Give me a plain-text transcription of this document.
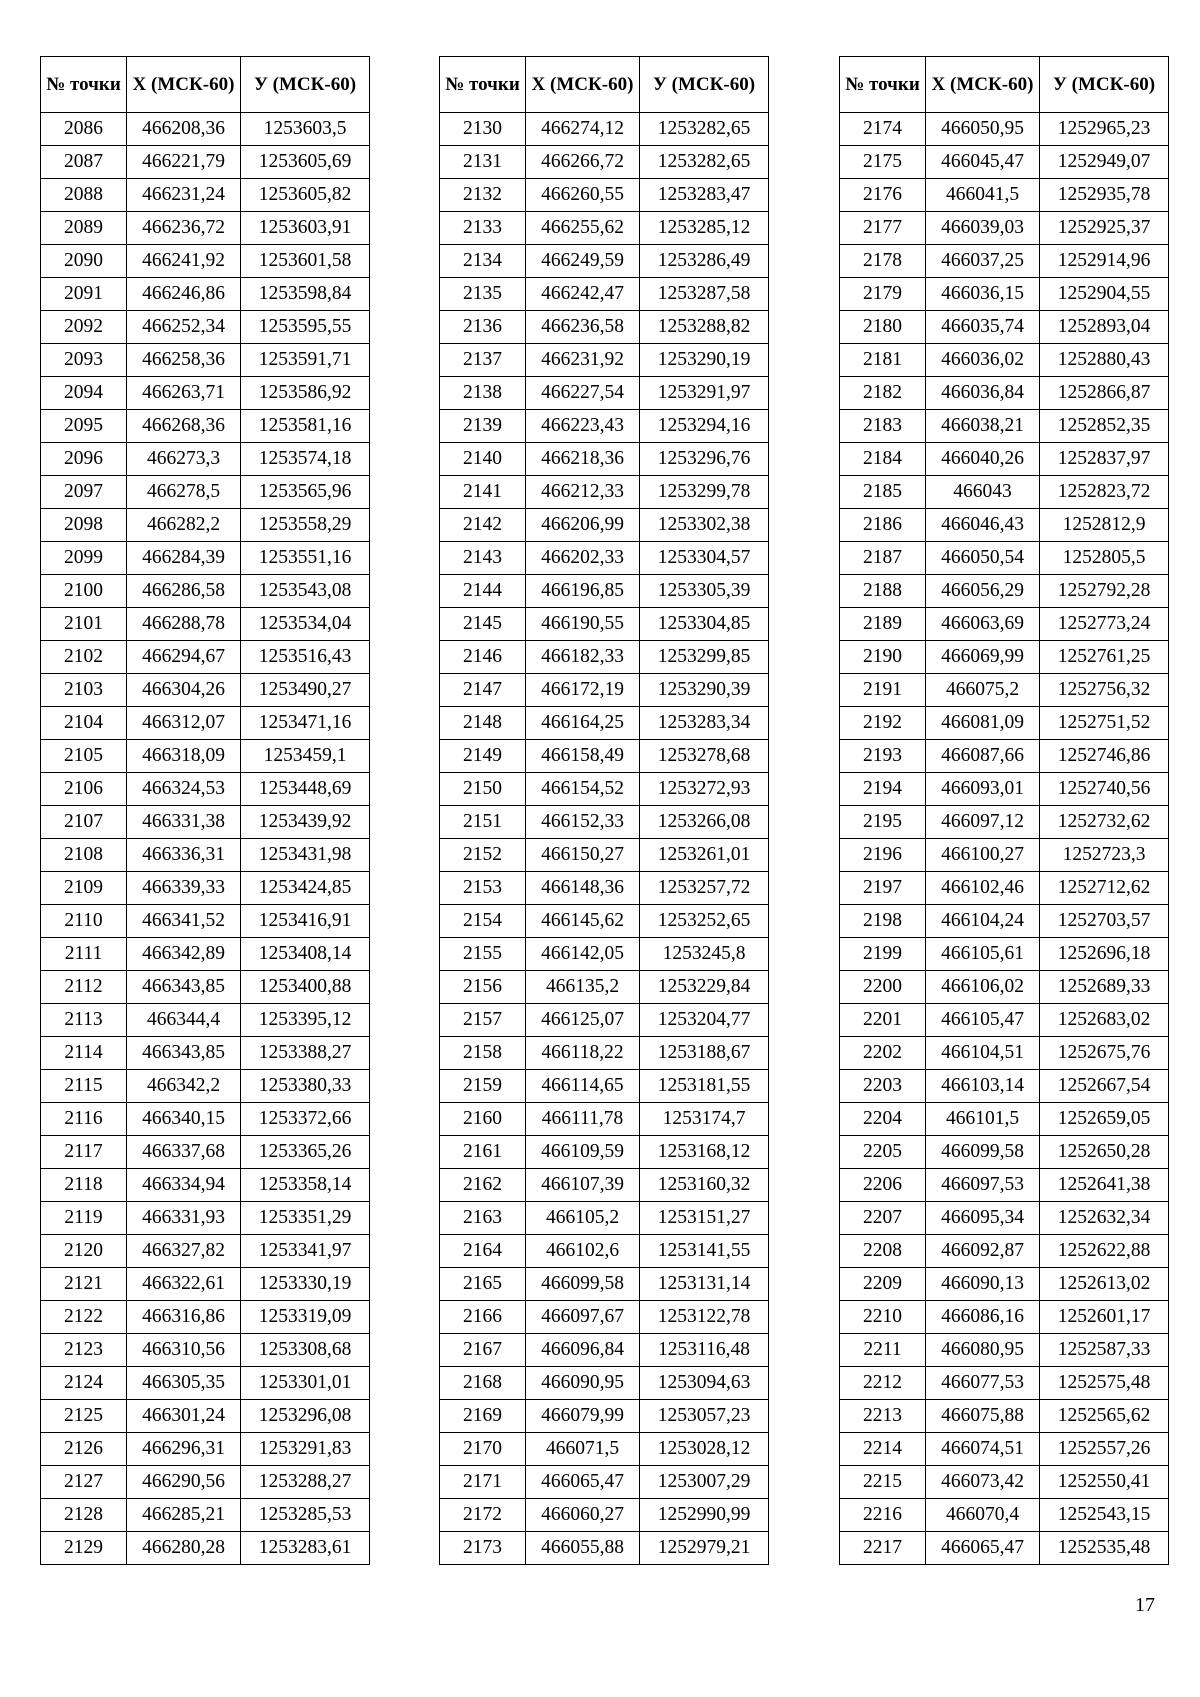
№ точки	X (МСК-60)	У (МСК-60)
2086	466208,36	1253603,5
2087	466221,79	1253605,69
2088	466231,24	1253605,82
2089	466236,72	1253603,91
2090	466241,92	1253601,58
2091	466246,86	1253598,84
2092	466252,34	1253595,55
2093	466258,36	1253591,71
2094	466263,71	1253586,92
2095	466268,36	1253581,16
2096	466273,3	1253574,18
2097	466278,5	1253565,96
2098	466282,2	1253558,29
2099	466284,39	1253551,16
2100	466286,58	1253543,08
2101	466288,78	1253534,04
2102	466294,67	1253516,43
2103	466304,26	1253490,27
2104	466312,07	1253471,16
2105	466318,09	1253459,1
2106	466324,53	1253448,69
2107	466331,38	1253439,92
2108	466336,31	1253431,98
2109	466339,33	1253424,85
2110	466341,52	1253416,91
2111	466342,89	1253408,14
2112	466343,85	1253400,88
2113	466344,4	1253395,12
2114	466343,85	1253388,27
2115	466342,2	1253380,33
2116	466340,15	1253372,66
2117	466337,68	1253365,26
2118	466334,94	1253358,14
2119	466331,93	1253351,29
2120	466327,82	1253341,97
2121	466322,61	1253330,19
2122	466316,86	1253319,09
2123	466310,56	1253308,68
2124	466305,35	1253301,01
2125	466301,24	1253296,08
2126	466296,31	1253291,83
2127	466290,56	1253288,27
2128	466285,21	1253285,53
2129	466280,28	1253283,61
№ точки	X (МСК-60)	У (МСК-60)
2130	466274,12	1253282,65
2131	466266,72	1253282,65
2132	466260,55	1253283,47
2133	466255,62	1253285,12
2134	466249,59	1253286,49
2135	466242,47	1253287,58
2136	466236,58	1253288,82
2137	466231,92	1253290,19
2138	466227,54	1253291,97
2139	466223,43	1253294,16
2140	466218,36	1253296,76
2141	466212,33	1253299,78
2142	466206,99	1253302,38
2143	466202,33	1253304,57
2144	466196,85	1253305,39
2145	466190,55	1253304,85
2146	466182,33	1253299,85
2147	466172,19	1253290,39
2148	466164,25	1253283,34
2149	466158,49	1253278,68
2150	466154,52	1253272,93
2151	466152,33	1253266,08
2152	466150,27	1253261,01
2153	466148,36	1253257,72
2154	466145,62	1253252,65
2155	466142,05	1253245,8
2156	466135,2	1253229,84
2157	466125,07	1253204,77
2158	466118,22	1253188,67
2159	466114,65	1253181,55
2160	466111,78	1253174,7
2161	466109,59	1253168,12
2162	466107,39	1253160,32
2163	466105,2	1253151,27
2164	466102,6	1253141,55
2165	466099,58	1253131,14
2166	466097,67	1253122,78
2167	466096,84	1253116,48
2168	466090,95	1253094,63
2169	466079,99	1253057,23
2170	466071,5	1253028,12
2171	466065,47	1253007,29
2172	466060,27	1252990,99
2173	466055,88	1252979,21
№ точки	X (МСК-60)	У (МСК-60)
2174	466050,95	1252965,23
2175	466045,47	1252949,07
2176	466041,5	1252935,78
2177	466039,03	1252925,37
2178	466037,25	1252914,96
2179	466036,15	1252904,55
2180	466035,74	1252893,04
2181	466036,02	1252880,43
2182	466036,84	1252866,87
2183	466038,21	1252852,35
2184	466040,26	1252837,97
2185	466043	1252823,72
2186	466046,43	1252812,9
2187	466050,54	1252805,5
2188	466056,29	1252792,28
2189	466063,69	1252773,24
2190	466069,99	1252761,25
2191	466075,2	1252756,32
2192	466081,09	1252751,52
2193	466087,66	1252746,86
2194	466093,01	1252740,56
2195	466097,12	1252732,62
2196	466100,27	1252723,3
2197	466102,46	1252712,62
2198	466104,24	1252703,57
2199	466105,61	1252696,18
2200	466106,02	1252689,33
2201	466105,47	1252683,02
2202	466104,51	1252675,76
2203	466103,14	1252667,54
2204	466101,5	1252659,05
2205	466099,58	1252650,28
2206	466097,53	1252641,38
2207	466095,34	1252632,34
2208	466092,87	1252622,88
2209	466090,13	1252613,02
2210	466086,16	1252601,17
2211	466080,95	1252587,33
2212	466077,53	1252575,48
2213	466075,88	1252565,62
2214	466074,51	1252557,26
2215	466073,42	1252550,41
2216	466070,4	1252543,15
2217	466065,47	1252535,48
17
